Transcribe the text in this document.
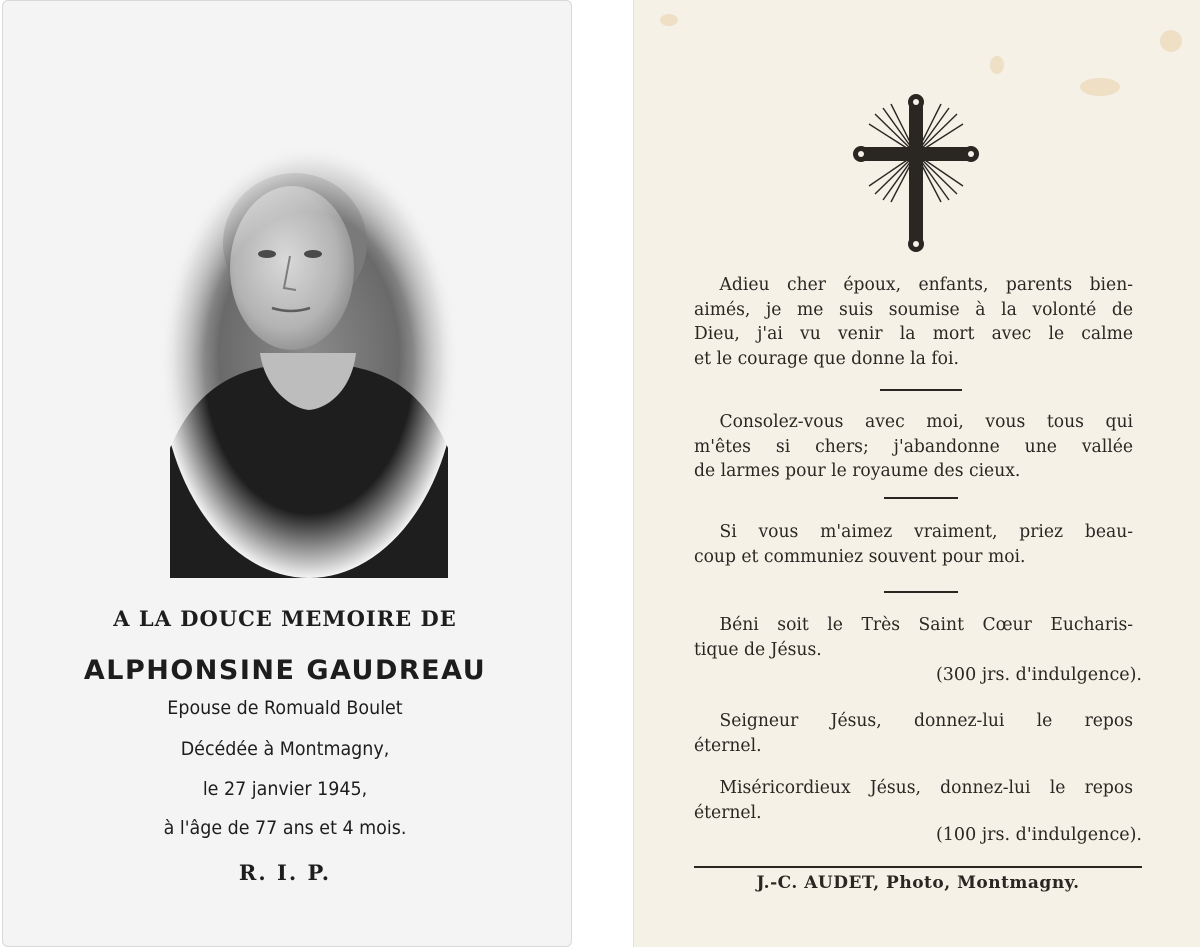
A LA DOUCE MEMOIRE DE
ALPHONSINE GAUDREAU
Epouse de Romuald Boulet
Décédée à Montmagny,
le 27 janvier 1945,
à l'âge de 77 ans et 4 mois.
R. I. P.
Adieu cher époux, enfants, parents bien-
aimés, je me suis soumise à la volonté de
Dieu, j'ai vu venir la mort avec le calme
et le courage que donne la foi.
Consolez-vous avec moi, vous tous qui
m'êtes si chers; j'abandonne une vallée
de larmes pour le royaume des cieux.
Si vous m'aimez vraiment, priez beau-
coup et communiez souvent pour moi.
Béni soit le Très Saint Cœur Eucharis-
tique de Jésus.
(300 jrs. d'indulgence).
Seigneur Jésus, donnez-lui le repos
éternel.
Miséricordieux Jésus, donnez-lui le repos
éternel.
(100 jrs. d'indulgence).
J.-C. AUDET, Photo, Montmagny.
